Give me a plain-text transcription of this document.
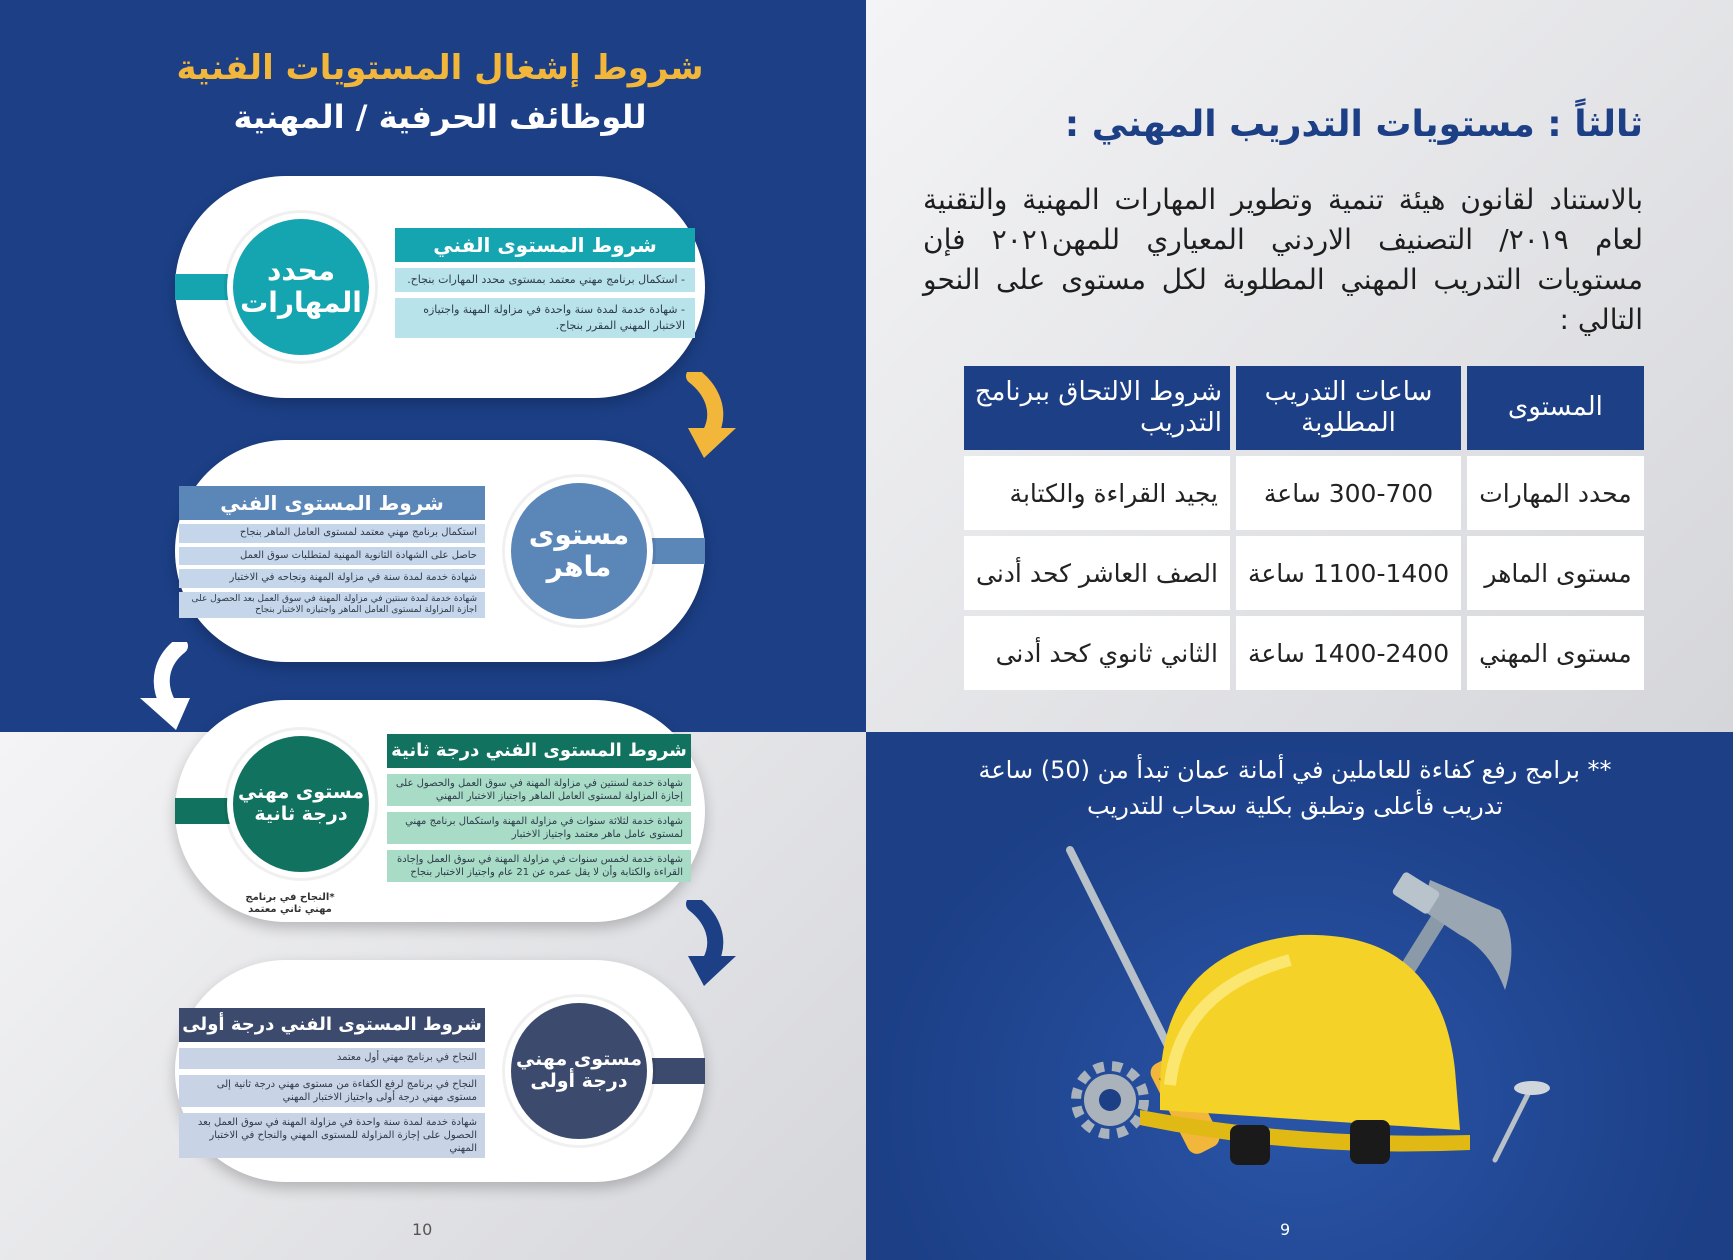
شروط إشغال المستويات الفنية
للوظائف الحرفية / المهنية
محدد المهارات
شروط المستوى الفني
- استكمال برنامج مهني معتمد بمستوى محدد المهارات بنجاح.
- شهادة خدمة لمدة سنة واحدة في مزاولة المهنة واجتيازه الاختبار المهني المقرر بنجاح.
مستوى ماهر
شروط المستوى الفني
استكمال برنامج مهني معتمد لمستوى العامل الماهر بنجاح
حاصل على الشهادة الثانوية المهنية لمتطلبات سوق العمل
شهادة خدمة لمدة سنة في مزاولة المهنة ونجاحه في الاختبار
شهادة خدمة لمدة سنتين في مزاولة المهنة في سوق العمل بعد الحصول على اجازة المزاولة لمستوى العامل الماهر واجتيازه الاختبار بنجاح
مستوى مهني درجة ثانية
*النجاح في برنامج مهني ثاني معتمد
شروط المستوى الفني درجة ثانية
شهادة خدمة لسنتين في مزاولة المهنة في سوق العمل والحصول على إجازة المزاولة لمستوى العامل الماهر واجتياز الاختبار المهني
شهادة خدمة لثلاثة سنوات في مزاولة المهنة واستكمال برنامج مهني لمستوى عامل ماهر معتمد واجتياز الاختبار
شهادة خدمة لخمس سنوات في مزاولة المهنة في سوق العمل وإجادة القراءة والكتابة وأن لا يقل عمره عن 21 عام واجتياز الاختبار بنجاح
مستوى مهني درجة أولى
شروط المستوى الفني درجة أولى
النجاح في برنامج مهني أول معتمد
النجاح في برنامج لرفع الكفاءة من مستوى مهني درجة ثانية إلى مستوى مهني درجة أولى واجتياز الاختبار المهني
شهادة خدمة لمدة سنة واحدة في مزاولة المهنة في سوق العمل بعد الحصول على إجازة المزاولة للمستوى المهني والنجاح في الاختبار المهني
10
ثالثاً : مستويات التدريب المهني :
بالاستناد لقانون هيئة تنمية وتطوير المهارات المهنية والتقنية لعام ٢٠١٩/ التصنيف الاردني المعياري للمهن٢٠٢١ فإن مستويات التدريب المهني المطلوبة لكل مستوى على النحو التالي :
المستوى	ساعات التدريب المطلوبة	شروط الالتحاق ببرنامج التدريب
محدد المهارات	300-700 ساعة	يجيد القراءة والكتابة
مستوى الماهر	1100-1400 ساعة	الصف العاشر كحد أدنى
مستوى المهني	1400-2400 ساعة	الثاني ثانوي كحد أدنى
** برامج رفع كفاءة للعاملين في أمانة عمان تبدأ من (50) ساعة تدريب فأعلى وتطبق بكلية سحاب للتدريب
9
